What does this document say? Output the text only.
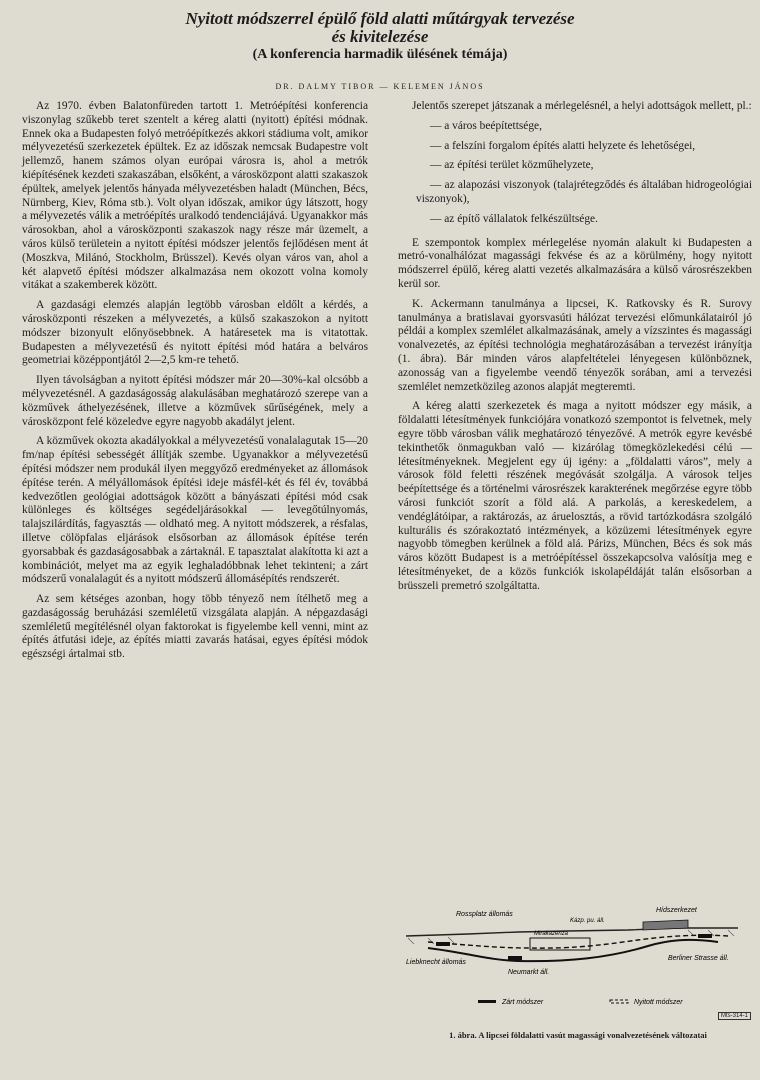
Nyitott módszerrel épülő föld alatti műtárgyak tervezése
és kivitelezése
(A konferencia harmadik ülésének témája)
DR. DALMY TIBOR — KELEMEN JÁNOS

Az 1970. évben Balatonfüreden tartott 1. Metróépítési konferencia viszonylag szűkebb teret szentelt a kéreg alatti (nyitott) építési módnak. Ennek oka a Budapesten folyó metróépítkezés akkori stádiuma volt, amikor mélyvezetésű szerkezetek épültek. Ez az időszak nemcsak Budapestre volt jellemző, hanem számos olyan európai városra is, ahol a metrók kiépítésének kezdeti szakaszában, elsőként, a városközpont alatti szakaszok épültek, amelyek jelentős hányada mélyvezetésben haladt (München, Bécs, Nürnberg, Kiev, Róma stb.). Volt olyan időszak, amikor úgy látszott, hogy a mélyvezetés válik a metróépítés uralkodó tendenciájává. Ugyanakkor más városokban, ahol a városközponti szakaszok nagy része már üzemelt, a város külső területein a nyitott építési módszer jelentős fejlődésen ment át (Moszkva, Milánó, Stockholm, Brüsszel). Kevés olyan város van, ahol a két alapvető építési módszer alkalmazása nem okozott volna komoly vitákat a szakemberek között.

A gazdasági elemzés alapján legtöbb városban eldőlt a kérdés, a városközponti részeken a mélyvezetés, a külső szakaszokon a nyitott módszer bizonyult előnyösebbnek. A határesetek ma is vitatottak. Budapesten a mélyvezetésű és nyitott építési mód határa a belváros geometriai középpontjától 2—2,5 km-re tehető.

Ilyen távolságban a nyitott építési módszer már 20—30%-kal olcsóbb a mélyvezetésnél. A gazdaságosság alakulásában meghatározó szerepe van a közművek áthelyezésének, illetve a közművek sűrűségének, mely a városközpont felé közeledve egyre nagyobb akadályt jelent.

A közművek okozta akadályokkal a mélyvezetésű vonalalagutak 15—20 fm/nap építési sebességét állítják szembe. Ugyanakkor a mélyvezetésű építési módszer nem produkál ilyen meggyőző eredményeket az állomások építése terén. A mélyállomások építési ideje másfél-két és fél év, továbbá kedvezőtlen geológiai adottságok között a bányászati építési mód csak különleges és költséges segédeljárásokkal — levegőtúlnyomás, talajszilárdítás, fagyasztás — oldható meg. A nyitott módszerek, a résfalas, illetve cölöpfalas eljárások elsősorban az állomások építése terén gyorsabbak és gazdaságosabbak a zártaknál. E tapasztalat alakította ki azt a kombinációt, melyet ma az egyik leghaladóbbnak lehet tekinteni; a zárt módszerű vonalalagút és a nyitott módszerű állomásépítés rendszerét.

Az sem kétséges azonban, hogy több tényező nem ítélhető meg a gazdaságosság beruházási szemléletű vizsgálata alapján. A népgazdasági szemléletű megítélésnél olyan faktorokat is figyelembe kell venni, mint az építés átfutási ideje, az építés miatti zavarás hatásai, egyes építési módok egészségi ártalmai stb.

Jelentős szerepet játszanak a mérlegelésnél, a helyi adottságok mellett, pl.:

— a város beépítettsége,

— a felszíni forgalom építés alatti helyzete és lehetőségei,

— az építési terület közműhelyzete,

— az alapozási viszonyok (talajrétegződés és általában hidrogeológiai viszonyok),

— az építő vállalatok felkészültsége.

E szempontok komplex mérlegelése nyomán alakult ki Budapesten a metró-vonalhálózat magassági fekvése és az a körülmény, hogy nyitott módszerrel épülő, kéreg alatti vezetés alkalmazására a külső városrészekben kerül sor.

K. Ackermann tanulmánya a lipcsei, K. Ratkovsky és R. Surovy tanulmánya a bratislavai gyorsvasúti hálózat tervezési előmunkálatairól jó példái a komplex szemlélet alkalmazásának, amely a vízszintes és magassági vonalvezetés, az építési technológia meghatározásában a tervezést irányítja (1. ábra). Bár minden város alapfeltételei lényegesen különböznek, azonosság van a figyelembe veendő tényezők sorában, ami a tervezési szemlélet nemzetközileg azonos alapját megteremti.

A kéreg alatti szerkezetek és maga a nyitott módszer egy másik, a földalatti létesítmények funkciójára vonatkozó szempontot is felvetnek, mely egyre több városban válik meghatározó tényezővé. A metrók egyre kevésbé tekinthetők önmagukban való — kizárólag tömegközlekedési célú — létesítményeknek. Megjelent egy új igény: a „földalatti város”, mely a városok föld feletti részének megóvását szolgálja. A városok teljes beépítettsége és a történelmi városrészek karakterének megőrzése egyre több városi funkciót szorít a föld alá. A parkolás, a kereskedelem, a vendéglátóipar, a raktározás, az áruelosztás, a rövid tartózkodásra szolgáló kulturális és szórakoztató intézmények, a közüzemi létesítmények egyre nagyobb tömegben kerülnek a föld alá. Párizs, München, Bécs és sok más város között Budapest is a metróépítéssel összekapcsolva valósítja meg e létesítményeket, de a közös funkciók iskolapéldáját talán elsősorban a brüsszeli premetró szolgáltatta.

Rossplatz állomás
Kázp. pu. áll.
Hídszerkezet
Mirakazenza
Liebknecht állomás
Neumarkt áll.
Berliner Strasse áll.
Zárt módszer	Nyitott módszer
Mts-314-1
1. ábra. A lipcsei földalatti vasút magassági vonalvezetésének változatai
